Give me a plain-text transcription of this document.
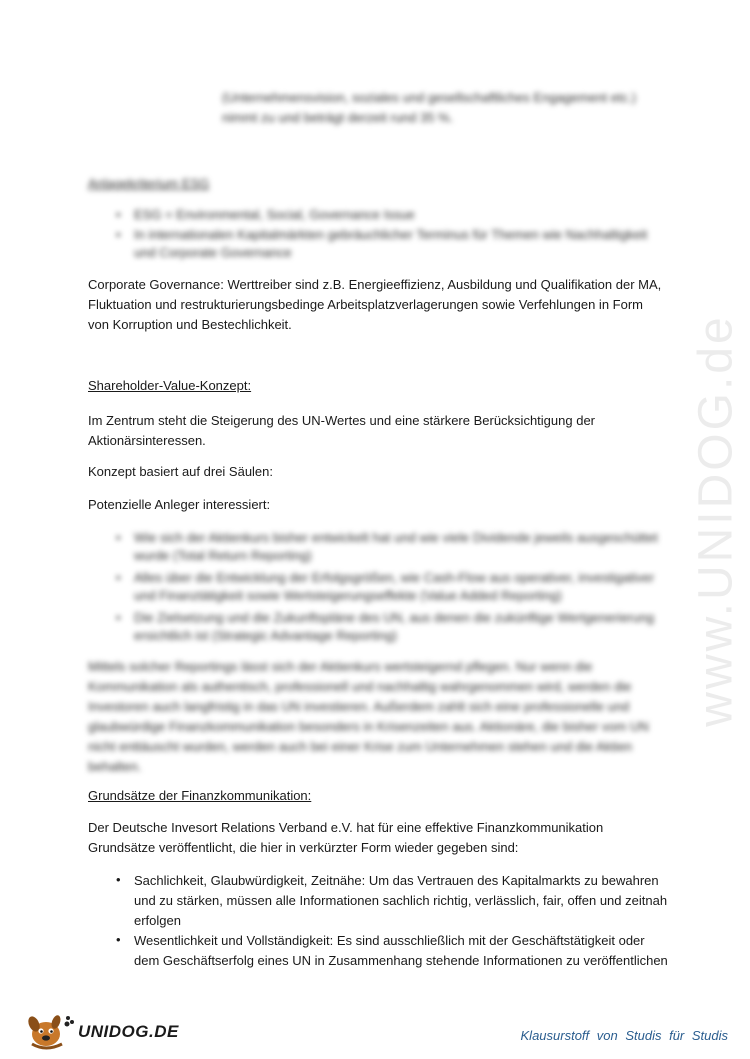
www.UNIDOG.de
(Unternehmensvision, soziales und gesellschaftliches Engagement etc.)
nimmt zu und beträgt derzeit rund 35 %.
Anlagekriterium ESG
• ESG = Environmental, Social, Governance Issue
• In internationalen Kapitalmärkten gebräuchlicher Terminus für Themen wie Nachhaltigkeit
und Corporate Governance
Corporate Governance: Werttreiber sind z.B. Energieeffizienz, Ausbildung und Qualifikation der MA,
Fluktuation und restrukturierungsbedinge Arbeitsplatzverlagerungen sowie Verfehlungen in Form
von Korruption und Bestechlichkeit.
Shareholder-Value-Konzept:
Im Zentrum steht die Steigerung des UN-Wertes und eine stärkere Berücksichtigung der
Aktionärsinteressen.
Konzept basiert auf drei Säulen:
Potenzielle Anleger interessiert:
• Wie sich der Aktienkurs bisher entwickelt hat und wie viele Dividende jeweils ausgeschüttet
wurde (Total Return Reporting)
• Alles über die Entwicklung der Erfolgsgrößen, wie Cash-Flow aus operativer, investigativer
und Finanztätigkeit sowie Wertsteigerungseffekte (Value Added Reporting)
• Die Zielsetzung und die Zukunftspläne des UN, aus denen die zukünftige Wertgenerierung
ersichtlich ist (Strategic Advantage Reporting)
Mittels solcher Reportings lässt sich der Aktienkurs wertsteigernd pflegen. Nur wenn die
Kommunikation als authentisch, professionell und nachhaltig wahrgenommen wird, werden die
Investoren auch langfristig in das UN investieren. Außerdem zahlt sich eine professionelle und
glaubwürdige Finanzkommunikation besonders in Krisenzeiten aus. Aktionäre, die bisher vom UN
nicht enttäuscht wurden, werden auch bei einer Krise zum Unternehmen stehen und die Aktien
behalten.
Grundsätze der Finanzkommunikation:
Der Deutsche Invesort Relations Verband e.V. hat für eine effektive Finanzkommunikation
Grundsätze veröffentlicht, die hier in verkürzter Form wieder gegeben sind:
• Sachlichkeit, Glaubwürdigkeit, Zeitnähe: Um das Vertrauen des Kapitalmarkts zu bewahren
und zu stärken, müssen alle Informationen sachlich richtig, verlässlich, fair, offen und zeitnah
erfolgen
• Wesentlichkeit und Vollständigkeit: Es sind ausschließlich mit der Geschäftstätigkeit oder
dem Geschäftserfolg eines UN in Zusammenhang stehende Informationen zu veröffentlichen
UNIDOG.DE	Klausurstoff von Studis für Studis
